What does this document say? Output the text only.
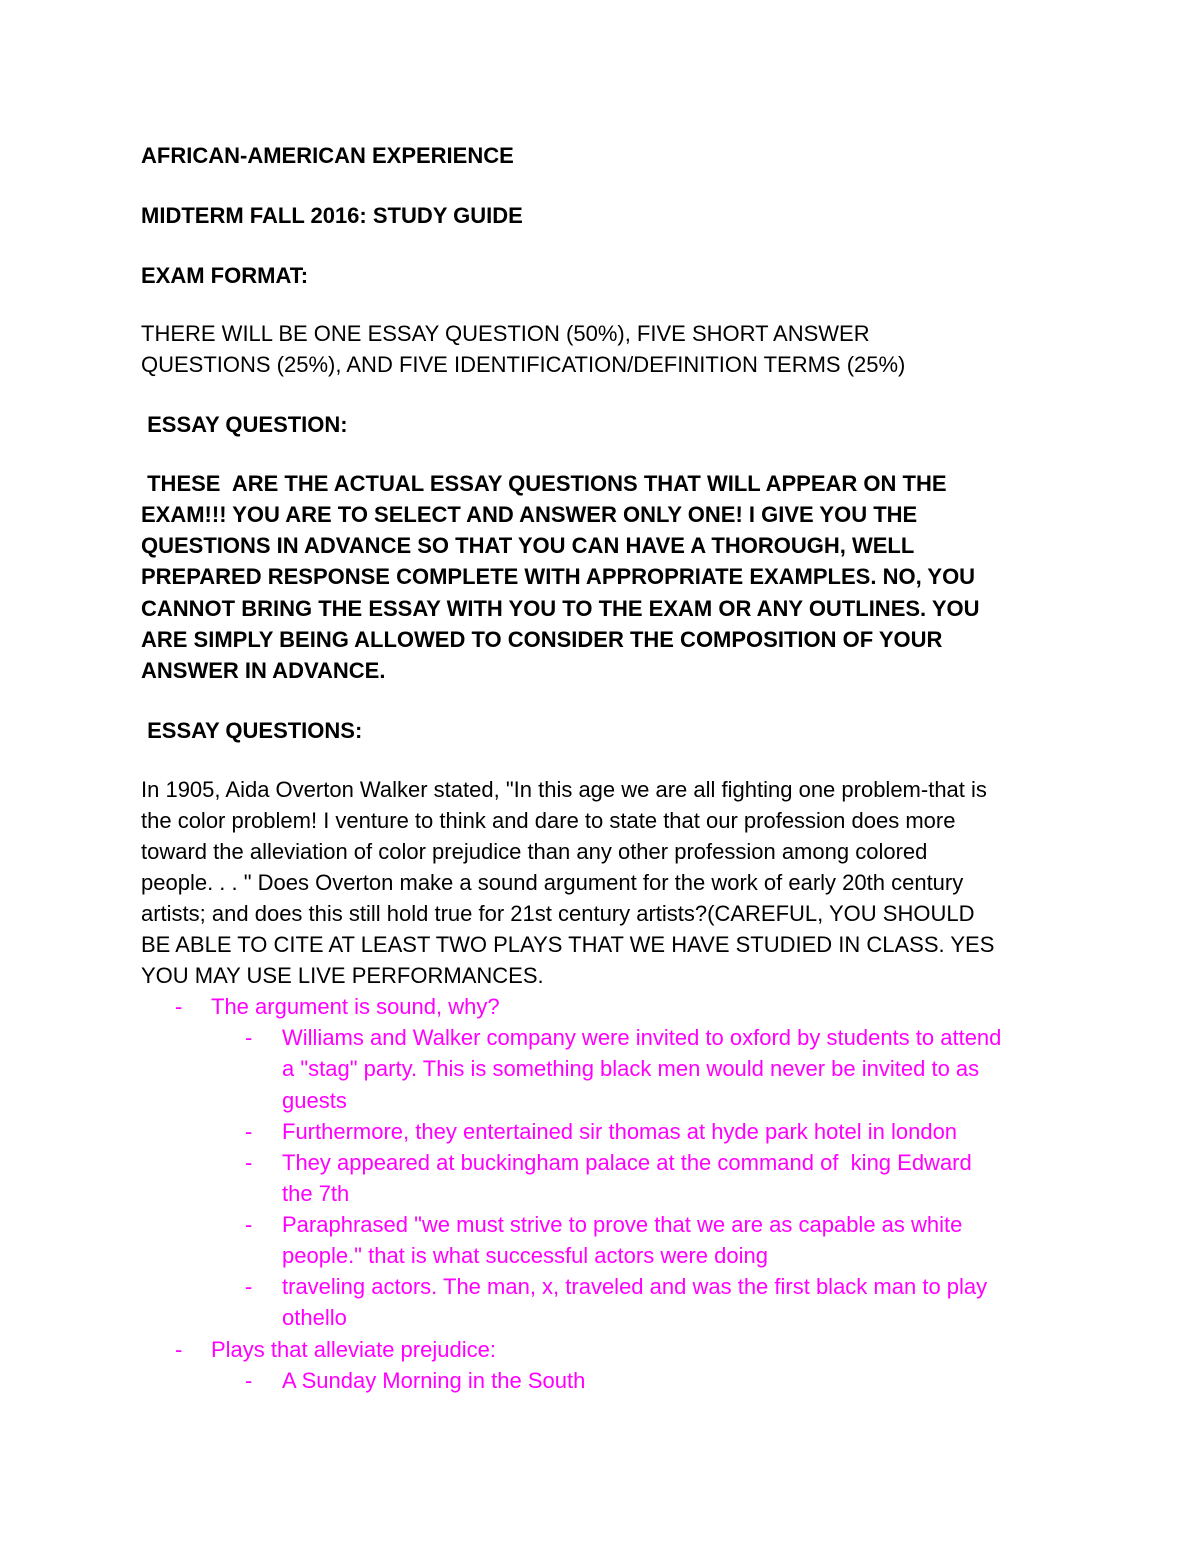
AFRICAN-AMERICAN EXPERIENCE
MIDTERM FALL 2016: STUDY GUIDE
EXAM FORMAT:
THERE WILL BE ONE ESSAY QUESTION (50%), FIVE SHORT ANSWER
QUESTIONS (25%), AND FIVE IDENTIFICATION/DEFINITION TERMS (25%)
ESSAY QUESTION:
THESE  ARE THE ACTUAL ESSAY QUESTIONS THAT WILL APPEAR ON THE
EXAM!!! YOU ARE TO SELECT AND ANSWER ONLY ONE! I GIVE YOU THE
QUESTIONS IN ADVANCE SO THAT YOU CAN HAVE A THOROUGH, WELL
PREPARED RESPONSE COMPLETE WITH APPROPRIATE EXAMPLES. NO, YOU
CANNOT BRING THE ESSAY WITH YOU TO THE EXAM OR ANY OUTLINES. YOU
ARE SIMPLY BEING ALLOWED TO CONSIDER THE COMPOSITION OF YOUR
ANSWER IN ADVANCE.
ESSAY QUESTIONS:
In 1905, Aida Overton Walker stated, "In this age we are all fighting one problem-that is
the color problem! I venture to think and dare to state that our profession does more
toward the alleviation of color prejudice than any other profession among colored
people. . . " Does Overton make a sound argument for the work of early 20th century
artists; and does this still hold true for 21st century artists?(CAREFUL, YOU SHOULD
BE ABLE TO CITE AT LEAST TWO PLAYS THAT WE HAVE STUDIED IN CLASS. YES
YOU MAY USE LIVE PERFORMANCES.
- The argument is sound, why?
- Williams and Walker company were invited to oxford by students to attend
a "stag" party. This is something black men would never be invited to as
guests
- Furthermore, they entertained sir thomas at hyde park hotel in london
- They appeared at buckingham palace at the command of  king Edward
the 7th
- Paraphrased "we must strive to prove that we are as capable as white
people." that is what successful actors were doing
- traveling actors. The man, x, traveled and was the first black man to play
othello
- Plays that alleviate prejudice:
- A Sunday Morning in the South
